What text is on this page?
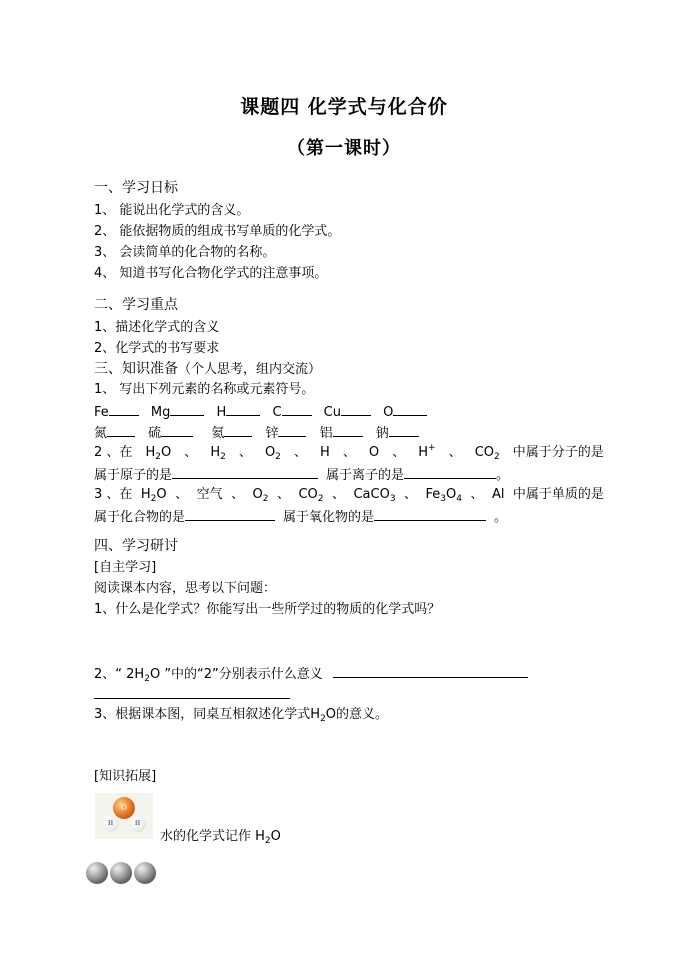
课题四 化学式与化合价
（第一课时）
一、学习日标
1、 能说出化学式的含义。
2、 能依据物质的组成书写单质的化学式。
3、 会读简单的化合物的名称。
4、 知道书写化合物化学式的注意事项。
二、学习重点
1、描述化学式的含义
2、化学式的书写要求
三、知识准备（个人思考，组内交流）
1、 写出下列元素的名称或元素符号。
Fe	Mg	H	C	Cu	O
氮	硫	氦	锌	铝	钠
2 、在 $H_2O$ 、 $H_2$ 、 $O_2$ 、 H 、 O 、 H+ 、 $CO_2$ 中属于分子的是
属于原子的是	属于离子的是	。
3 、在 $H_2O$ 、 空气 、 $O_2$ 、 $CO_2$ 、 CaCO$_3$ 、 $Fe_3O_4$ 、 Al 中属于单质的是
属于化合物的是	属于氧化物的是	。
四、学习研讨
[自主学习]
阅读课本内容，思考以下问题：
1、什么是化学式？你能写出一些所学过的物质的化学式吗？
2、“ $2H_2O$ ”中的“2”分别表示什么意义
3、根据课本图，同桌互相叙述化学式$H_2O$的意义。
[知识拓展]
O
H	H
水的化学式记作 $H_2O$
